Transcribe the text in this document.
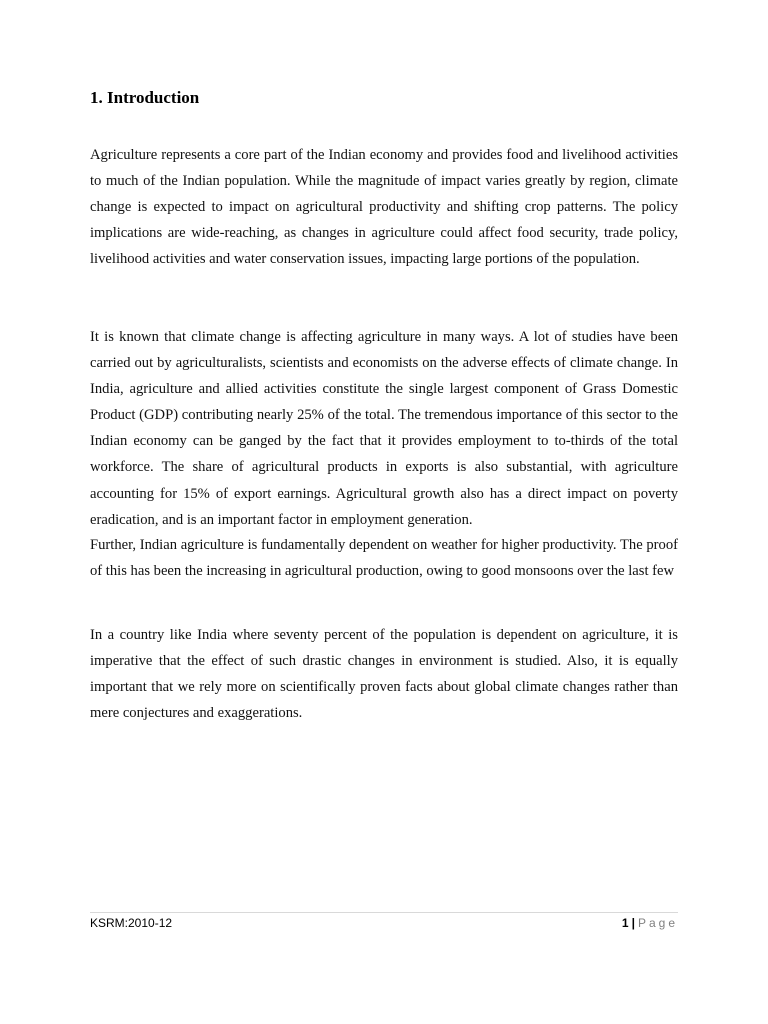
1. Introduction

Agriculture represents a core part of the Indian economy and provides food and livelihood activities to much of the Indian population. While the magnitude of impact varies greatly by region, climate change is expected to impact on agricultural productivity and shifting crop patterns. The policy implications are wide-reaching, as changes in agriculture could affect food security, trade policy, livelihood activities and water conservation issues, impacting large portions of the population.

It is known that climate change is affecting agriculture in many ways. A lot of studies have been carried out by agriculturalists, scientists and economists on the adverse effects of climate change. In India, agriculture and allied activities constitute the single largest component of Grass Domestic Product (GDP) contributing nearly 25% of the total. The tremendous importance of this sector to the Indian economy can be ganged by the fact that it provides employment to to-thirds of the total workforce. The share of agricultural products in exports is also substantial, with agriculture accounting for 15% of export earnings. Agricultural growth also has a direct impact on poverty eradication, and is an important factor in employment generation.

Further, Indian agriculture is fundamentally dependent on weather for higher productivity. The proof of this has been the increasing in agricultural production, owing to good monsoons over the last few

In a country like India where seventy percent of the population is dependent on agriculture, it is imperative that the effect of such drastic changes in environment is studied. Also, it is equally important that we rely more on scientifically proven facts about global climate changes rather than mere conjectures and exaggerations.

KSRM:2010-12	1 | Page
